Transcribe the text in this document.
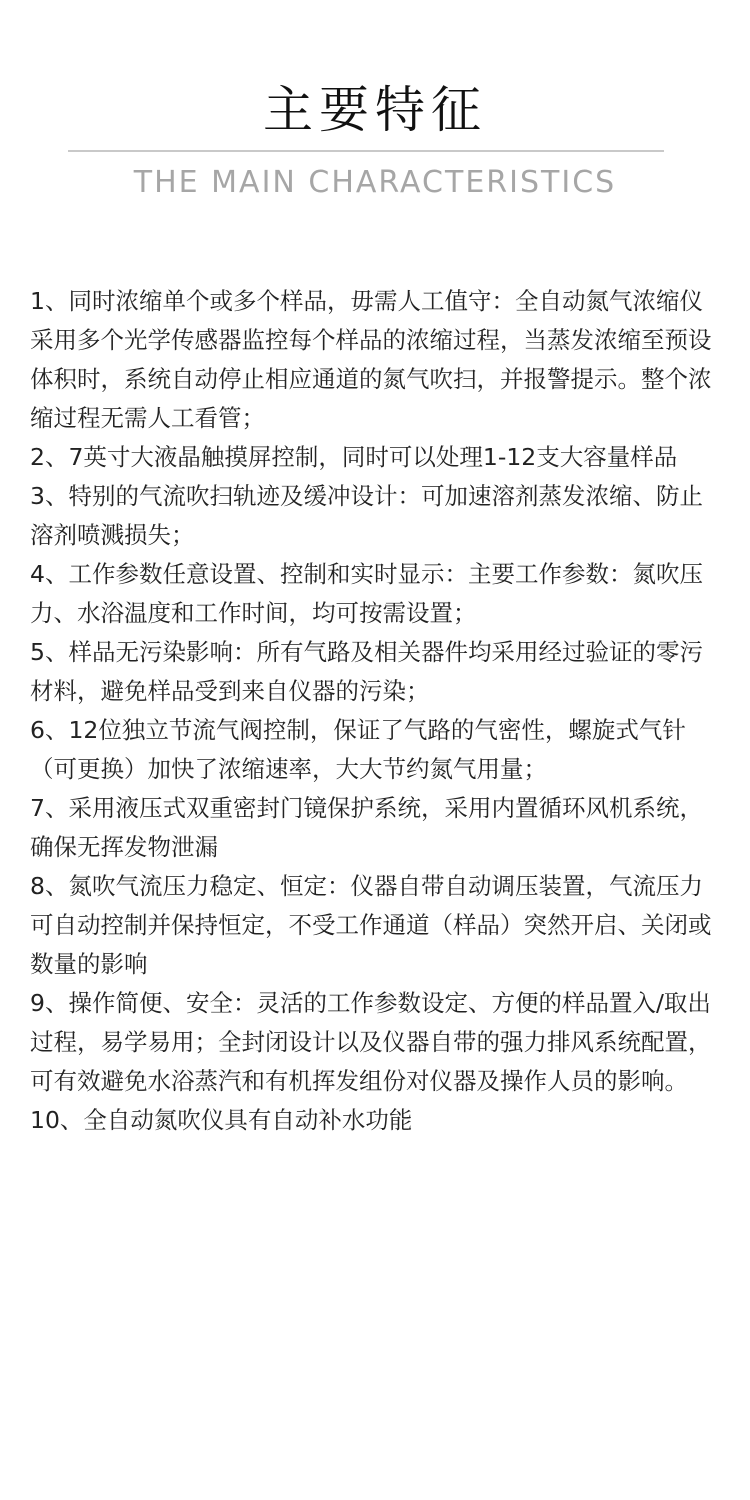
主要特征
THE MAIN CHARACTERISTICS

1、同时浓缩单个或多个样品，毋需人工值守：全自动氮气浓缩仪采用多个光学传感器监控每个样品的浓缩过程，当蒸发浓缩至预设体积时，系统自动停止相应通道的氮气吹扫，并报警提示。整个浓缩过程无需人工看管；

2、7英寸大液晶触摸屏控制，同时可以处理1-12支大容量样品

3、特别的气流吹扫轨迹及缓冲设计：可加速溶剂蒸发浓缩、防止溶剂喷溅损失；

4、工作参数任意设置、控制和实时显示：主要工作参数：氮吹压力、水浴温度和工作时间，均可按需设置；

5、样品无污染影响：所有气路及相关器件均采用经过验证的零污材料，避免样品受到来自仪器的污染；

6、12位独立节流气阀控制，保证了气路的气密性，螺旋式气针（可更换）加快了浓缩速率，大大节约氮气用量；

7、采用液压式双重密封门镜保护系统，采用内置循环风机系统，确保无挥发物泄漏

8、氮吹气流压力稳定、恒定：仪器自带自动调压装置，气流压力可自动控制并保持恒定，不受工作通道（样品）突然开启、关闭或数量的影响

9、操作简便、安全：灵活的工作参数设定、方便的样品置入/取出过程，易学易用；全封闭设计以及仪器自带的强力排风系统配置，可有效避免水浴蒸汽和有机挥发组份对仪器及操作人员的影响。

10、全自动氮吹仪具有自动补水功能
